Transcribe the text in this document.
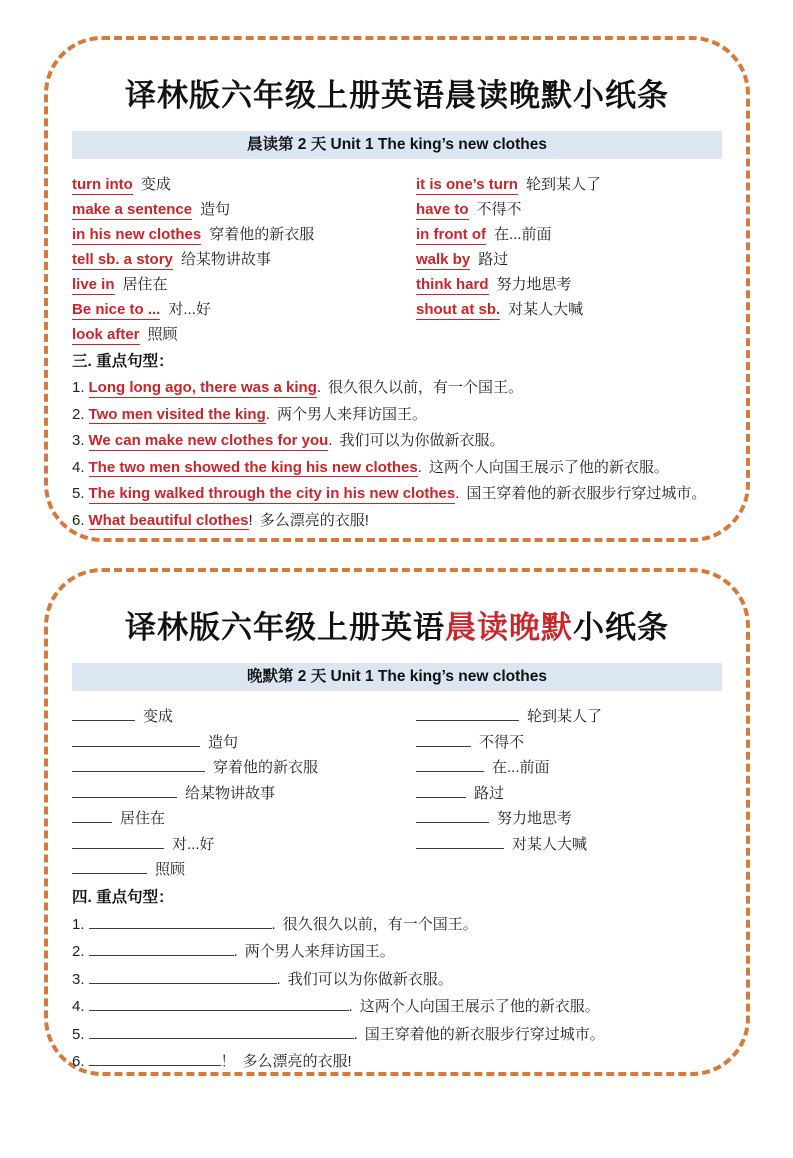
译林版六年级上册英语晨读晚默小纸条
晨读第 2 天 Unit 1 The king’s new clothes
turn into 变成
make a sentence 造句
in his new clothes 穿着他的新衣服
tell sb. a story 给某物讲故事
live in 居住在
Be nice to ... 对...好
look after 照顾
it is one’s turn 轮到某人了
have to 不得不
in front of 在...前面
walk by 路过
think hard 努力地思考
shout at sb. 对某人大喊
三. 重点句型：
1. Long long ago, there was a king. 很久很久以前，有一个国王。
2. Two men visited the king. 两个男人来拜访国王。
3. We can make new clothes for you. 我们可以为你做新衣服。
4. The two men showed the king his new clothes. 这两个人向国王展示了他的新衣服。
5. The king walked through the city in his new clothes. 国王穿着他的新衣服步行穿过城市。
6. What beautiful clothes! 多么漂亮的衣服!
译林版六年级上册英语晨读晚默小纸条
晚默第 2 天 Unit 1 The king’s new clothes
变成
造句
穿着他的新衣服
给某物讲故事
居住在
对...好
照顾
轮到某人了
不得不
在...前面
路过
努力地思考
对某人大喊
四. 重点句型：
1.	. 很久很久以前，有一个国王。
2.	. 两个男人来拜访国王。
3.	. 我们可以为你做新衣服。
4.	. 这两个人向国王展示了他的新衣服。
5.	. 国王穿着他的新衣服步行穿过城市。
6.	！ 多么漂亮的衣服!
